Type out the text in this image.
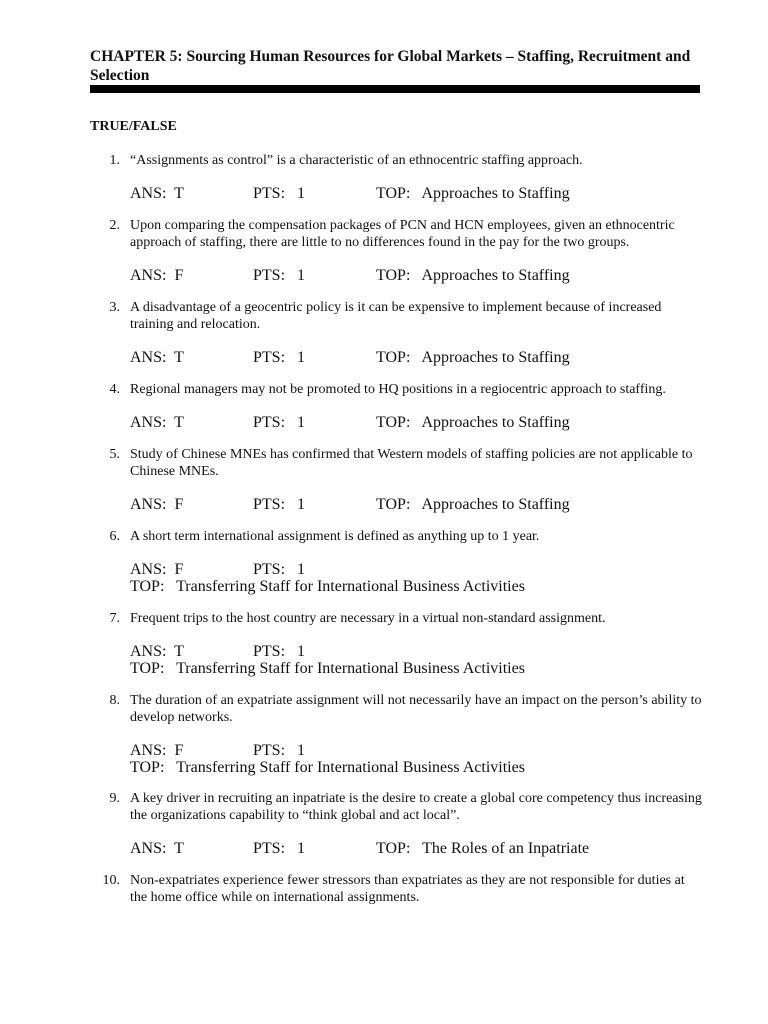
CHAPTER 5: Sourcing Human Resources for Global Markets – Staffing, Recruitment and Selection
TRUE/FALSE
1. “Assignments as control” is a characteristic of an ethnocentric staffing approach.
ANS:  T	PTS:   1	TOP:   Approaches to Staffing
2. Upon comparing the compensation packages of PCN and HCN employees, given an ethnocentric approach of staffing, there are little to no differences found in the pay for the two groups.
ANS:  F	PTS:   1	TOP:   Approaches to Staffing
3. A disadvantage of a geocentric policy is it can be expensive to implement because of increased training and relocation.
ANS:  T	PTS:   1	TOP:   Approaches to Staffing
4. Regional managers may not be promoted to HQ positions in a regiocentric approach to staffing.
ANS:  T	PTS:   1	TOP:   Approaches to Staffing
5. Study of Chinese MNEs has confirmed that Western models of staffing policies are not applicable to Chinese MNEs.
ANS:  F	PTS:   1	TOP:   Approaches to Staffing
6. A short term international assignment is defined as anything up to 1 year.
ANS:  F	PTS:   1
TOP:   Transferring Staff for International Business Activities
7. Frequent trips to the host country are necessary in a virtual non-standard assignment.
ANS:  T	PTS:   1
TOP:   Transferring Staff for International Business Activities
8. The duration of an expatriate assignment will not necessarily have an impact on the person’s ability to develop networks.
ANS:  F	PTS:   1
TOP:   Transferring Staff for International Business Activities
9. A key driver in recruiting an inpatriate is the desire to create a global core competency thus increasing the organizations capability to “think global and act local”.
ANS:  T	PTS:   1	TOP:   The Roles of an Inpatriate
10. Non-expatriates experience fewer stressors than expatriates as they are not responsible for duties at the home office while on international assignments.
